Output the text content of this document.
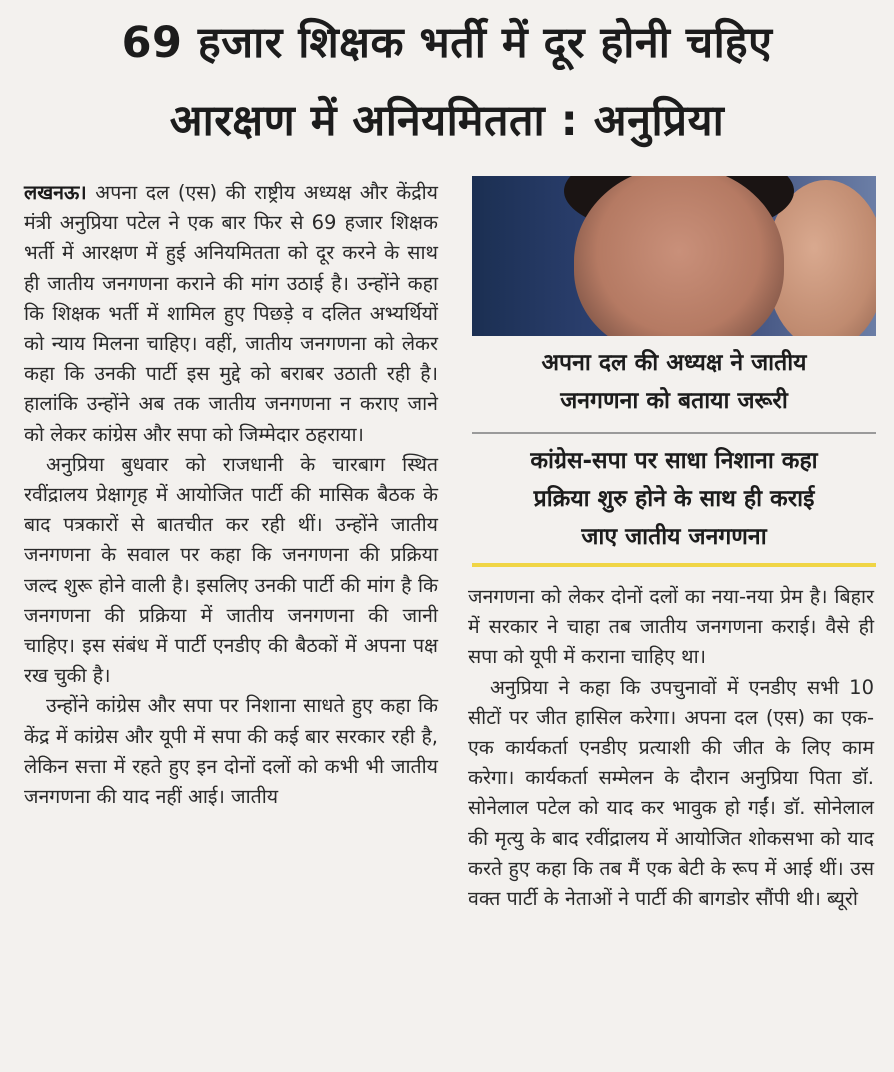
69 हजार शिक्षक भर्ती में दूर होनी चहिए
आरक्षण में अनियमितता : अनुप्रिया

लखनऊ। अपना दल (एस) की राष्ट्रीय अध्यक्ष और केंद्रीय मंत्री अनुप्रिया पटेल ने एक बार फिर से 69 हजार शिक्षक भर्ती में आरक्षण में हुई अनियमितता को दूर करने के साथ ही जातीय जनगणना कराने की मांग उठाई है। उन्होंने कहा कि शिक्षक भर्ती में शामिल हुए पिछड़े व दलित अभ्यर्थियों को न्याय मिलना चाहिए। वहीं, जातीय जनगणना को लेकर कहा कि उनकी पार्टी इस मुद्दे को बराबर उठाती रही है। हालांकि उन्होंने अब तक जातीय जनगणना न कराए जाने को लेकर कांग्रेस और सपा को जिम्मेदार ठहराया।

अनुप्रिया बुधवार को राजधानी के चारबाग स्थित रवींद्रालय प्रेक्षागृह में आयोजित पार्टी की मासिक बैठक के बाद पत्रकारों से बातचीत कर रही थीं। उन्होंने जातीय जनगणना के सवाल पर कहा कि जनगणना की प्रक्रिया जल्द शुरू होने वाली है। इसलिए उनकी पार्टी की मांग है कि जनगणना की प्रक्रिया में जातीय जनगणना की जानी चाहिए। इस संबंध में पार्टी एनडीए की बैठकों में अपना पक्ष रख चुकी है।

उन्होंने कांग्रेस और सपा पर निशाना साधते हुए कहा कि केंद्र में कांग्रेस और यूपी में सपा की कई बार सरकार रही है, लेकिन सत्ता में रहते हुए इन दोनों दलों को कभी भी जातीय जनगणना की याद नहीं आई। जातीय

अपना दल की अध्यक्ष ने जातीय
जनगणना को बताया जरूरी
कांग्रेस-सपा पर साधा निशाना कहा
प्रक्रिया शुरु होने के साथ ही कराई
जाए जातीय जनगणना

जनगणना को लेकर दोनों दलों का नया-नया प्रेम है। बिहार में सरकार ने चाहा तब जातीय जनगणना कराई। वैसे ही सपा को यूपी में कराना चाहिए था।

अनुप्रिया ने कहा कि उपचुनावों में एनडीए सभी 10 सीटों पर जीत हासिल करेगा। अपना दल (एस) का एक-एक कार्यकर्ता एनडीए प्रत्याशी की जीत के लिए काम करेगा। कार्यकर्ता सम्मेलन के दौरान अनुप्रिया पिता डॉ. सोनेलाल पटेल को याद कर भावुक हो गईं। डॉ. सोनेलाल की मृत्यु के बाद रवींद्रालय में आयोजित शोकसभा को याद करते हुए कहा कि तब मैं एक बेटी के रूप में आई थीं। उस वक्त पार्टी के नेताओं ने पार्टी की बागडोर सौंपी थी। ब्यूरो
